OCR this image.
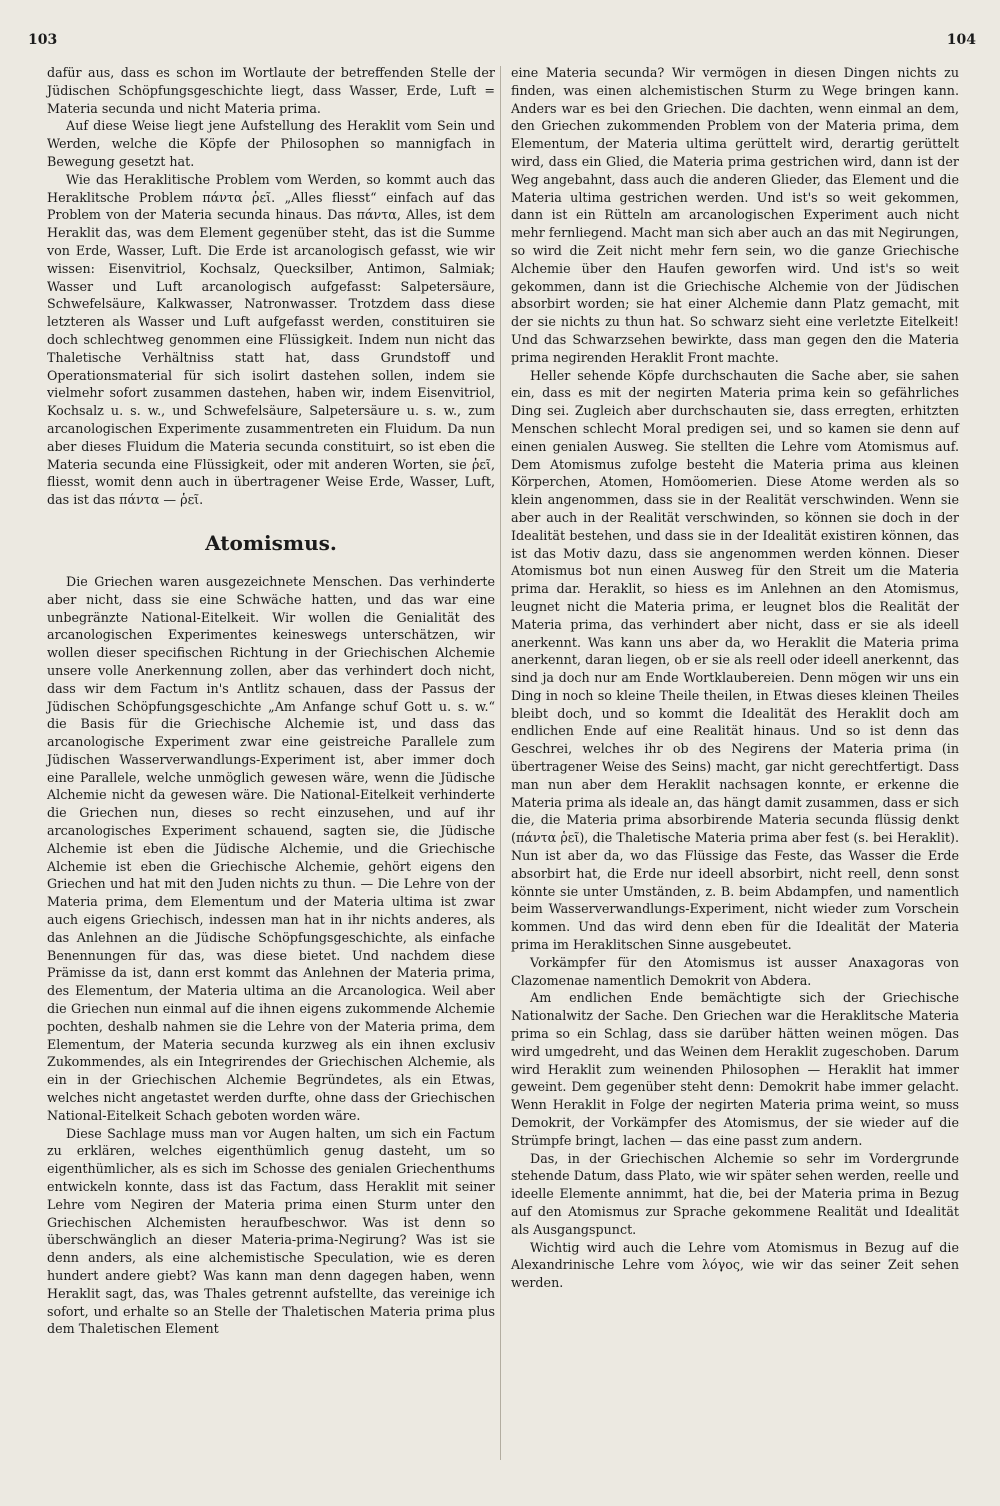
103	104

dafür aus, dass es schon im Wortlaute der betreffenden Stelle der Jüdischen Schöpfungsgeschichte liegt, dass Wasser, Erde, Luft = Materia secunda und nicht Materia prima.

Auf diese Weise liegt jene Aufstellung des Heraklit vom Sein und Werden, welche die Köpfe der Philosophen so mannigfach in Bewegung gesetzt hat.

Wie das Heraklitische Problem vom Werden, so kommt auch das Heraklitsche Problem πάντα ῥεῖ. „Alles fliesst“ einfach auf das Problem von der Materia secunda hinaus. Das πάντα, Alles, ist dem Heraklit das, was dem Element gegenüber steht, das ist die Summe von Erde, Wasser, Luft. Die Erde ist arcanologisch gefasst, wie wir wissen: Eisenvitriol, Kochsalz, Quecksilber, Antimon, Salmiak; Wasser und Luft arcanologisch aufgefasst: Salpetersäure, Schwefelsäure, Kalkwasser, Natronwasser. Trotzdem dass diese letzteren als Wasser und Luft aufgefasst werden, constituiren sie doch schlechtweg genommen eine Flüssigkeit. Indem nun nicht das Thaletische Verhältniss statt hat, dass Grundstoff und Operationsmaterial für sich isolirt dastehen sollen, indem sie vielmehr sofort zusammen dastehen, haben wir, indem Eisenvitriol, Kochsalz u. s. w., und Schwefelsäure, Salpetersäure u. s. w., zum arcanologischen Experimente zusammentreten ein Fluidum. Da nun aber dieses Fluidum die Materia secunda constituirt, so ist eben die Materia secunda eine Flüssigkeit, oder mit anderen Worten, sie ῥεῖ, fliesst, womit denn auch in übertragener Weise Erde, Wasser, Luft, das ist das πάντα — ῥεῖ.

Atomismus.

Die Griechen waren ausgezeichnete Menschen. Das verhinderte aber nicht, dass sie eine Schwäche hatten, und das war eine unbegränzte National-Eitelkeit. Wir wollen die Genialität des arcanologischen Experimentes keineswegs unterschätzen, wir wollen dieser specifischen Richtung in der Griechischen Alchemie unsere volle Anerkennung zollen, aber das verhindert doch nicht, dass wir dem Factum in's Antlitz schauen, dass der Passus der Jüdischen Schöpfungsgeschichte „Am Anfange schuf Gott u. s. w.“ die Basis für die Griechische Alchemie ist, und dass das arcanologische Experiment zwar eine geistreiche Parallele zum Jüdischen Wasserverwandlungs-Experiment ist, aber immer doch eine Parallele, welche unmöglich gewesen wäre, wenn die Jüdische Alchemie nicht da gewesen wäre. Die National-Eitelkeit verhinderte die Griechen nun, dieses so recht einzusehen, und auf ihr arcanologisches Experiment schauend, sagten sie, die Jüdische Alchemie ist eben die Jüdische Alchemie, und die Griechische Alchemie ist eben die Griechische Alchemie, gehört eigens den Griechen und hat mit den Juden nichts zu thun. — Die Lehre von der Materia prima, dem Elementum und der Materia ultima ist zwar auch eigens Griechisch, indessen man hat in ihr nichts anderes, als das Anlehnen an die Jüdische Schöpfungsgeschichte, als einfache Benennungen für das, was diese bietet. Und nachdem diese Prämisse da ist, dann erst kommt das Anlehnen der Materia prima, des Elementum, der Materia ultima an die Arcanologica. Weil aber die Griechen nun einmal auf die ihnen eigens zukommende Alchemie pochten, deshalb nahmen sie die Lehre von der Materia prima, dem Elementum, der Materia secunda kurzweg als ein ihnen exclusiv Zukommendes, als ein Integrirendes der Griechischen Alchemie, als ein in der Griechischen Alchemie Begründetes, als ein Etwas, welches nicht angetastet werden durfte, ohne dass der Griechischen National-Eitelkeit Schach geboten worden wäre.

Diese Sachlage muss man vor Augen halten, um sich ein Factum zu erklären, welches eigenthümlich genug dasteht, um so eigenthümlicher, als es sich im Schosse des genialen Griechenthums entwickeln konnte, dass ist das Factum, dass Heraklit mit seiner Lehre vom Negiren der Materia prima einen Sturm unter den Griechischen Alchemisten heraufbeschwor. Was ist denn so überschwänglich an dieser Materia-prima-Negirung? Was ist sie denn anders, als eine alchemistische Speculation, wie es deren hundert andere giebt? Was kann man denn dagegen haben, wenn Heraklit sagt, das, was Thales getrennt aufstellte, das vereinige ich sofort, und erhalte so an Stelle der Thaletischen Materia prima plus dem Thaletischen Element

eine Materia secunda? Wir vermögen in diesen Dingen nichts zu finden, was einen alchemistischen Sturm zu Wege bringen kann. Anders war es bei den Griechen. Die dachten, wenn einmal an dem, den Griechen zukommenden Problem von der Materia prima, dem Elementum, der Materia ultima gerüttelt wird, derartig gerüttelt wird, dass ein Glied, die Materia prima gestrichen wird, dann ist der Weg angebahnt, dass auch die anderen Glieder, das Element und die Materia ultima gestrichen werden. Und ist's so weit gekommen, dann ist ein Rütteln am arcanologischen Experiment auch nicht mehr fernliegend. Macht man sich aber auch an das mit Negirungen, so wird die Zeit nicht mehr fern sein, wo die ganze Griechische Alchemie über den Haufen geworfen wird. Und ist's so weit gekommen, dann ist die Griechische Alchemie von der Jüdischen absorbirt worden; sie hat einer Alchemie dann Platz gemacht, mit der sie nichts zu thun hat. So schwarz sieht eine verletzte Eitelkeit! Und das Schwarzsehen bewirkte, dass man gegen den die Materia prima negirenden Heraklit Front machte.

Heller sehende Köpfe durchschauten die Sache aber, sie sahen ein, dass es mit der negirten Materia prima kein so gefährliches Ding sei. Zugleich aber durchschauten sie, dass erregten, erhitzten Menschen schlecht Moral predigen sei, und so kamen sie denn auf einen genialen Ausweg. Sie stellten die Lehre vom Atomismus auf. Dem Atomismus zufolge besteht die Materia prima aus kleinen Körperchen, Atomen, Homöomerien. Diese Atome werden als so klein angenommen, dass sie in der Realität verschwinden. Wenn sie aber auch in der Realität verschwinden, so können sie doch in der Idealität bestehen, und dass sie in der Idealität existiren können, das ist das Motiv dazu, dass sie angenommen werden können. Dieser Atomismus bot nun einen Ausweg für den Streit um die Materia prima dar. Heraklit, so hiess es im Anlehnen an den Atomismus, leugnet nicht die Materia prima, er leugnet blos die Realität der Materia prima, das verhindert aber nicht, dass er sie als ideell anerkennt. Was kann uns aber da, wo Heraklit die Materia prima anerkennt, daran liegen, ob er sie als reell oder ideell anerkennt, das sind ja doch nur am Ende Wortklaubereien. Denn mögen wir uns ein Ding in noch so kleine Theile theilen, in Etwas dieses kleinen Theiles bleibt doch, und so kommt die Idealität des Heraklit doch am endlichen Ende auf eine Realität hinaus. Und so ist denn das Geschrei, welches ihr ob des Negirens der Materia prima (in übertragener Weise des Seins) macht, gar nicht gerechtfertigt. Dass man nun aber dem Heraklit nachsagen konnte, er erkenne die Materia prima als ideale an, das hängt damit zusammen, dass er sich die, die Materia prima absorbirende Materia secunda flüssig denkt (πάντα ῥεῖ), die Thaletische Materia prima aber fest (s. bei Heraklit). Nun ist aber da, wo das Flüssige das Feste, das Wasser die Erde absorbirt hat, die Erde nur ideell absorbirt, nicht reell, denn sonst könnte sie unter Umständen, z. B. beim Abdampfen, und namentlich beim Wasserverwandlungs-Experiment, nicht wieder zum Vorschein kommen. Und das wird denn eben für die Idealität der Materia prima im Heraklitschen Sinne ausgebeutet.

Vorkämpfer für den Atomismus ist ausser Anaxagoras von Clazomenae namentlich Demokrit von Abdera.

Am endlichen Ende bemächtigte sich der Griechische Nationalwitz der Sache. Den Griechen war die Heraklitsche Materia prima so ein Schlag, dass sie darüber hätten weinen mögen. Das wird umgedreht, und das Weinen dem Heraklit zugeschoben. Darum wird Heraklit zum weinenden Philosophen — Heraklit hat immer geweint. Dem gegenüber steht denn: Demokrit habe immer gelacht. Wenn Heraklit in Folge der negirten Materia prima weint, so muss Demokrit, der Vorkämpfer des Atomismus, der sie wieder auf die Strümpfe bringt, lachen — das eine passt zum andern.

Das, in der Griechischen Alchemie so sehr im Vordergrunde stehende Datum, dass Plato, wie wir später sehen werden, reelle und ideelle Elemente annimmt, hat die, bei der Materia prima in Bezug auf den Atomismus zur Sprache gekommene Realität und Idealität als Ausgangspunct.

Wichtig wird auch die Lehre vom Atomismus in Bezug auf die Alexandrinische Lehre vom λόγος, wie wir das seiner Zeit sehen werden.
